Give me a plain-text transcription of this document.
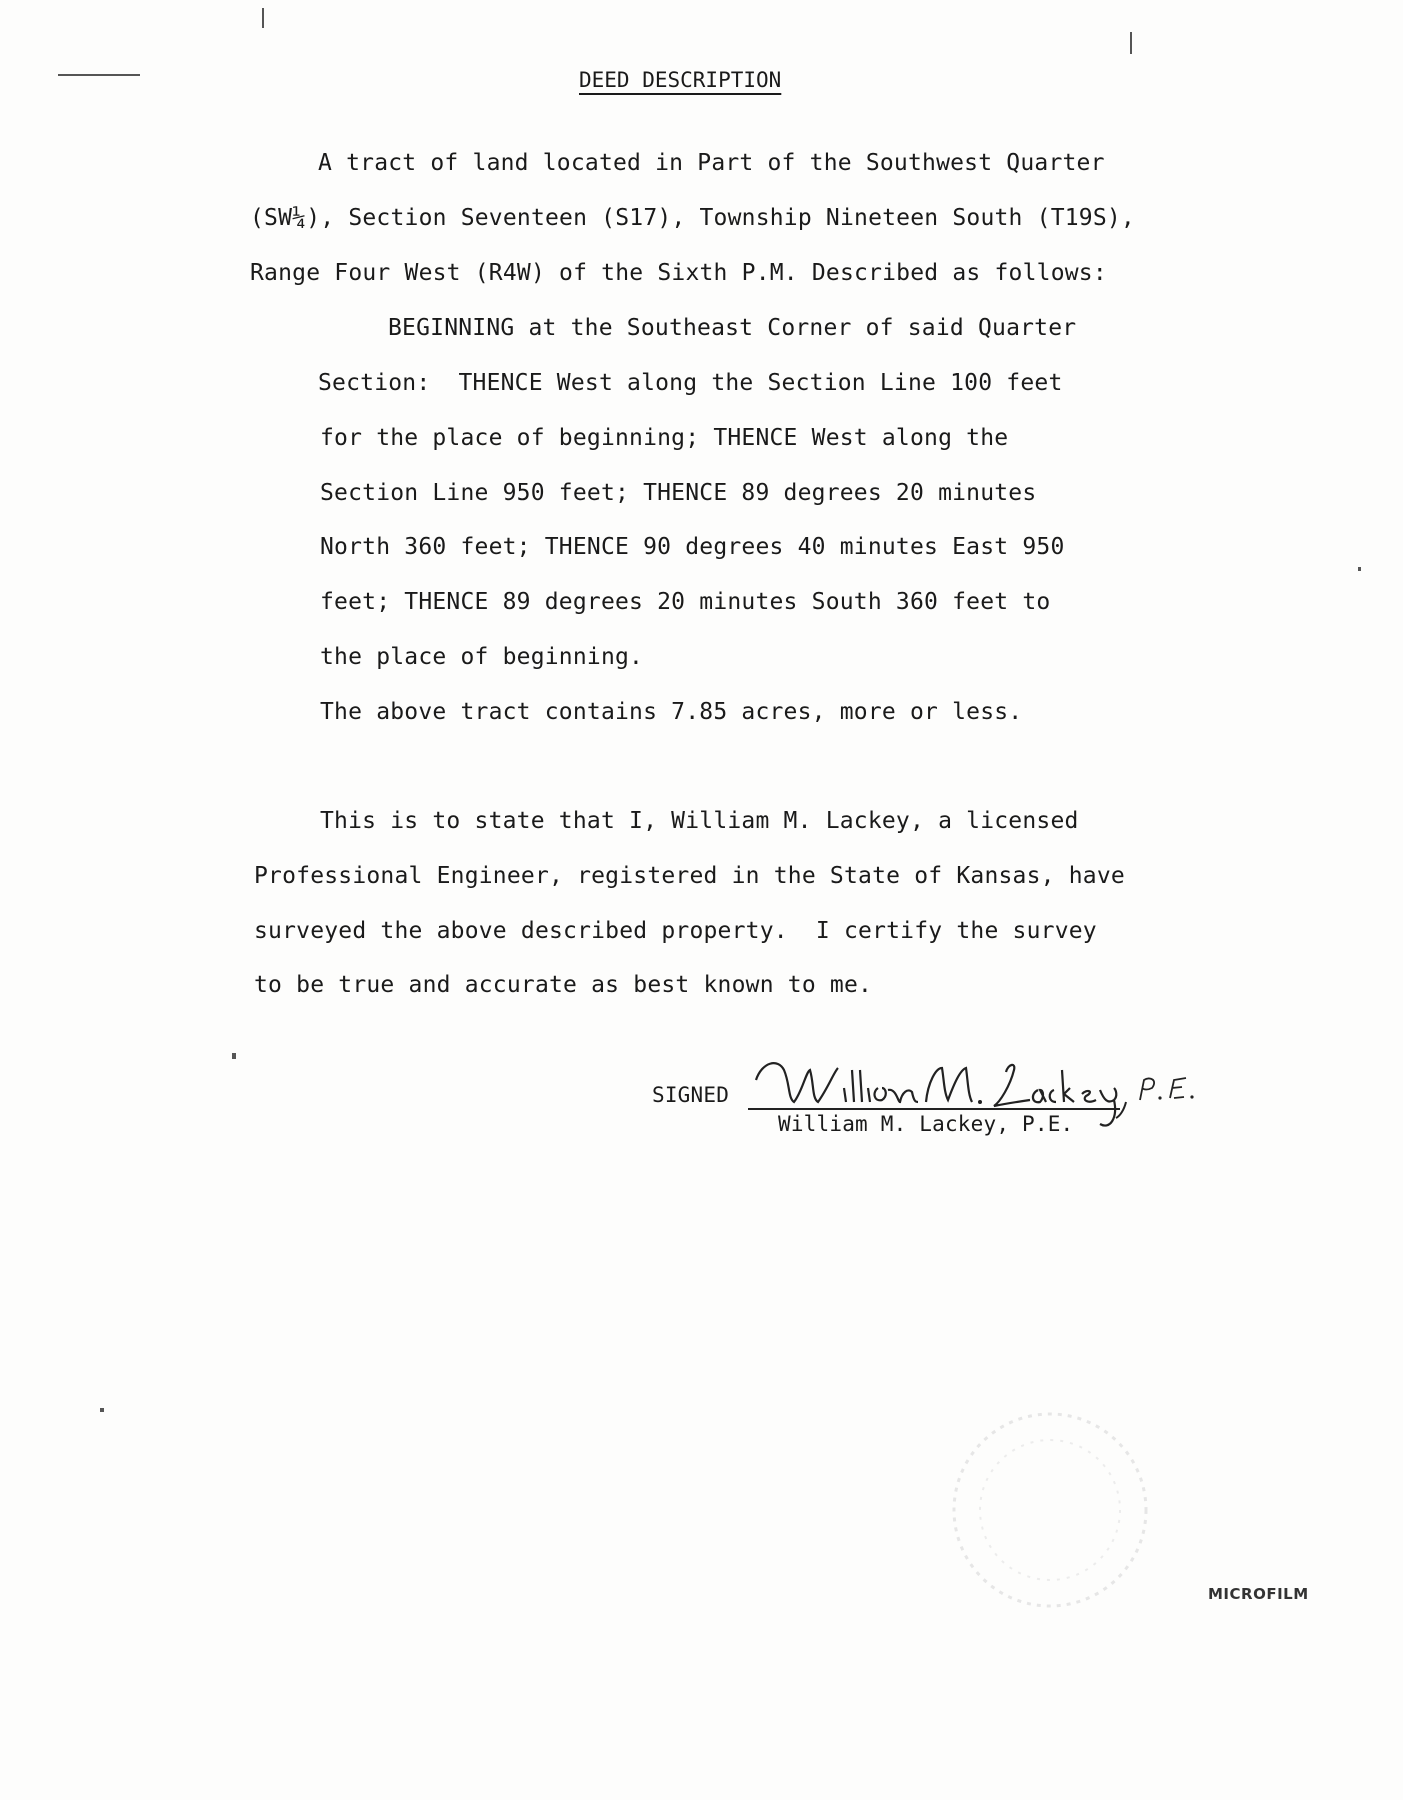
DEED DESCRIPTION
A tract of land located in Part of the Southwest Quarter
(SW¼), Section Seventeen (S17), Township Nineteen South (T19S),
Range Four West (R4W) of the Sixth P.M. Described as follows:
BEGINNING at the Southeast Corner of said Quarter
Section:  THENCE West along the Section Line 100 feet
for the place of beginning; THENCE West along the
Section Line 950 feet; THENCE 89 degrees 20 minutes
North 360 feet; THENCE 90 degrees 40 minutes East 950
feet; THENCE 89 degrees 20 minutes South 360 feet to
the place of beginning.
The above tract contains 7.85 acres, more or less.
This is to state that I, William M. Lackey, a licensed
Professional Engineer, registered in the State of Kansas, have
surveyed the above described property.  I certify the survey
to be true and accurate as best known to me.
SIGNED
William M. Lackey, P.E.
MICROFILM
